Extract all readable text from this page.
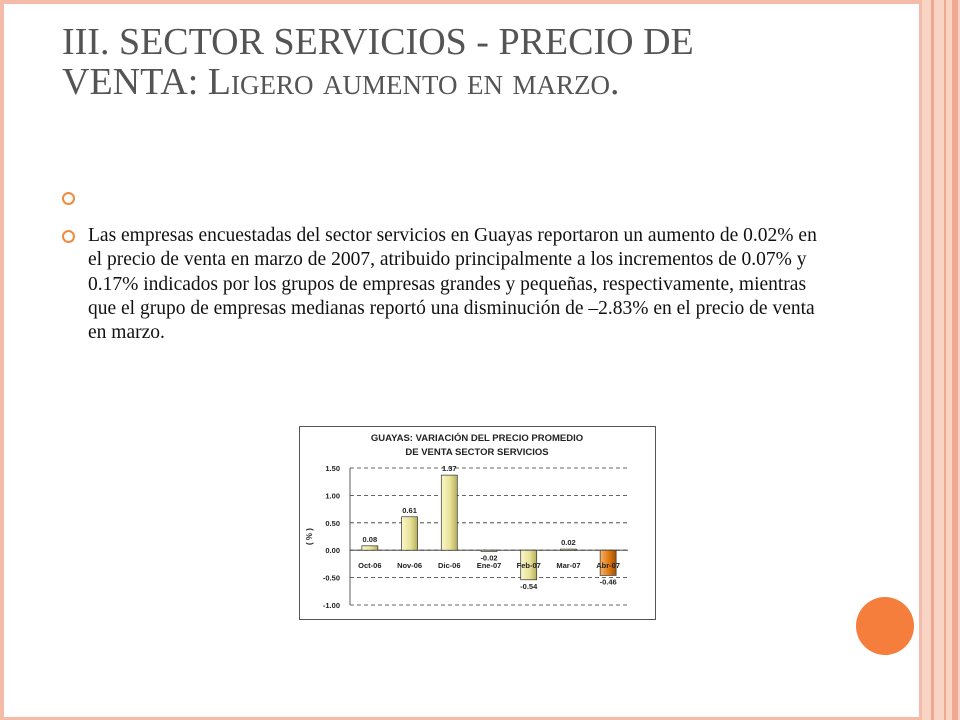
III. SECTOR SERVICIOS - PRECIO DE
VENTA: Ligero aumento en marzo.
Las empresas encuestadas del sector servicios en Guayas reportaron un aumento de 0.02% en el precio de venta en marzo de 2007, atribuido principalmente a los incrementos de 0.07% y 0.17% indicados por los grupos de empresas grandes y pequeñas, respectivamente, mientras que el grupo de empresas medianas reportó una disminución de –2.83% en el precio de venta en marzo.
GUAYAS: VARIACIÓN DEL PRECIO PROMEDIO
DE VENTA SECTOR SERVICIOS
1.50
1.00
0.50
0.00
-0.50
-1.00
( % )	0.08
Oct-06
0.61
Nov-06
1.37
Dic-06
-0.02
Ene-07
-0.54
Feb-07
0.02
Mar-07
-0.46
Abr-07
